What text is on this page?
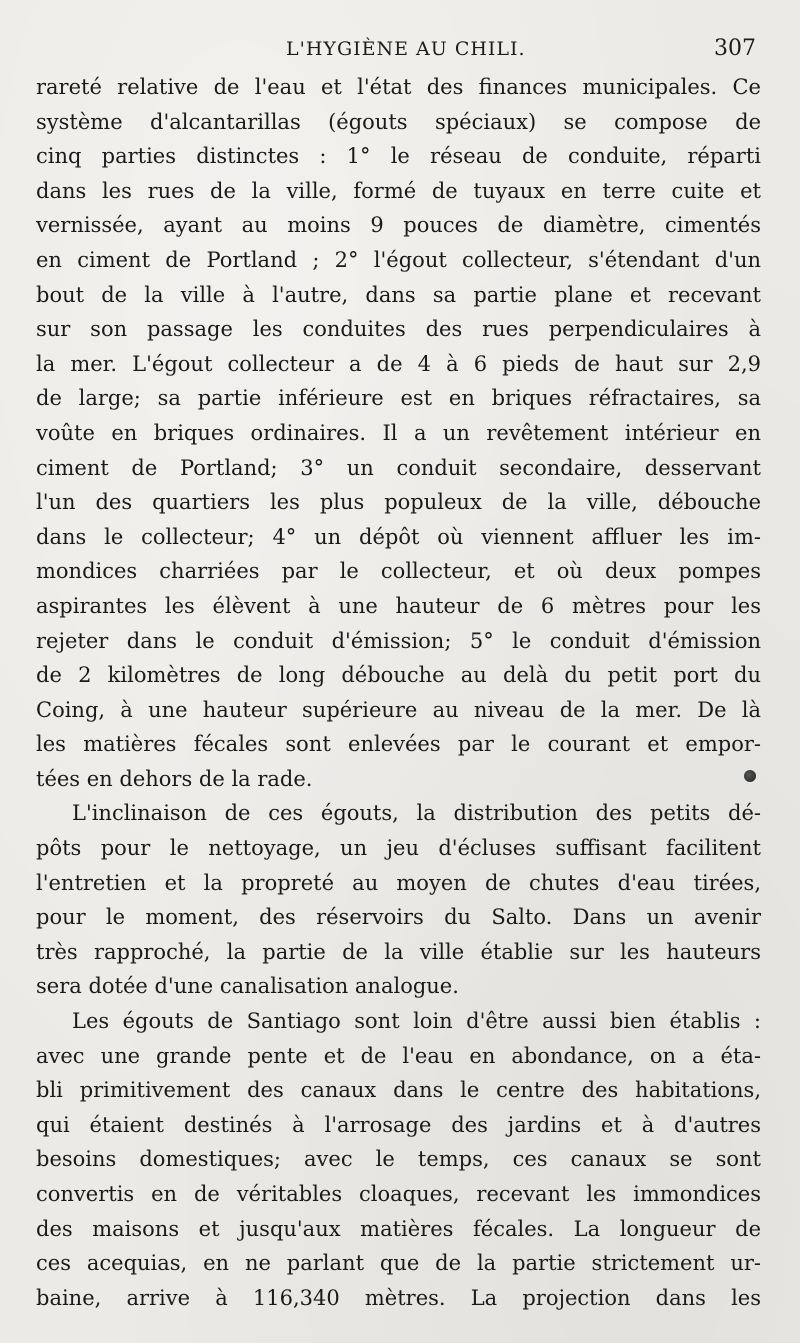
L'HYGIÈNE AU CHILI.	307
rareté relative de l'eau et l'état des finances municipales. Ce
système d'alcantarillas (égouts spéciaux) se compose de
cinq parties distinctes : 1° le réseau de conduite, réparti
dans les rues de la ville, formé de tuyaux en terre cuite et
vernissée, ayant au moins 9 pouces de diamètre, cimentés
en ciment de Portland ; 2° l'égout collecteur, s'étendant d'un
bout de la ville à l'autre, dans sa partie plane et recevant
sur son passage les conduites des rues perpendiculaires à
la mer. L'égout collecteur a de 4 à 6 pieds de haut sur 2,9
de large; sa partie inférieure est en briques réfractaires, sa
voûte en briques ordinaires. Il a un revêtement intérieur en
ciment de Portland; 3° un conduit secondaire, desservant
l'un des quartiers les plus populeux de la ville, débouche
dans le collecteur; 4° un dépôt où viennent affluer les im-
mondices charriées par le collecteur, et où deux pompes
aspirantes les élèvent à une hauteur de 6 mètres pour les
rejeter dans le conduit d'émission; 5° le conduit d'émission
de 2 kilomètres de long débouche au delà du petit port du
Coing, à une hauteur supérieure au niveau de la mer. De là
les matières fécales sont enlevées par le courant et empor-
tées en dehors de la rade.
L'inclinaison de ces égouts, la distribution des petits dé-
pôts pour le nettoyage, un jeu d'écluses suffisant facilitent
l'entretien et la propreté au moyen de chutes d'eau tirées,
pour le moment, des réservoirs du Salto. Dans un avenir
très rapproché, la partie de la ville établie sur les hauteurs
sera dotée d'une canalisation analogue.
Les égouts de Santiago sont loin d'être aussi bien établis :
avec une grande pente et de l'eau en abondance, on a éta-
bli primitivement des canaux dans le centre des habitations,
qui étaient destinés à l'arrosage des jardins et à d'autres
besoins domestiques; avec le temps, ces canaux se sont
convertis en de véritables cloaques, recevant les immondices
des maisons et jusqu'aux matières fécales. La longueur de
ces acequias, en ne parlant que de la partie strictement ur-
baine, arrive à 116,340 mètres. La projection dans les
